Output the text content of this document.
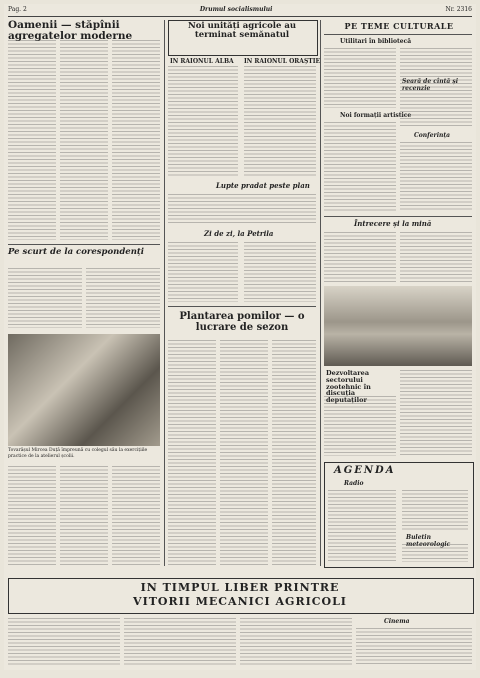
Pag. 2	Drumul socialismului	Nr. 2316
Oamenii — stăpînii agregatelor moderne
Pe scurt de la corespondenți
Tovarășul Mircea Duță împreună cu colegul său la exercițiile practice de la atelierul școlii.
Noi unități agricole au terminat semănatul
IN RAIONUL ALBA IN RAIONUL ORAȘTIE
Lupte pradat peste plan
Zi de zi, la Petrila
Plantarea pomilor — o lucrare de sezon
PE TEME CULTURALE
Utilitari în bibliotecă
Noi formații artistice
Seară de cîntă și recenzie
Conferința
Întrecere și la mină
Dezvoltarea sectorului zootehnic în discuția deputaților
AGENDA
Radio
Buletin meteorologic
IN TIMPUL LIBER PRINTRE
VITORII MECANICI AGRICOLI
Cinema
